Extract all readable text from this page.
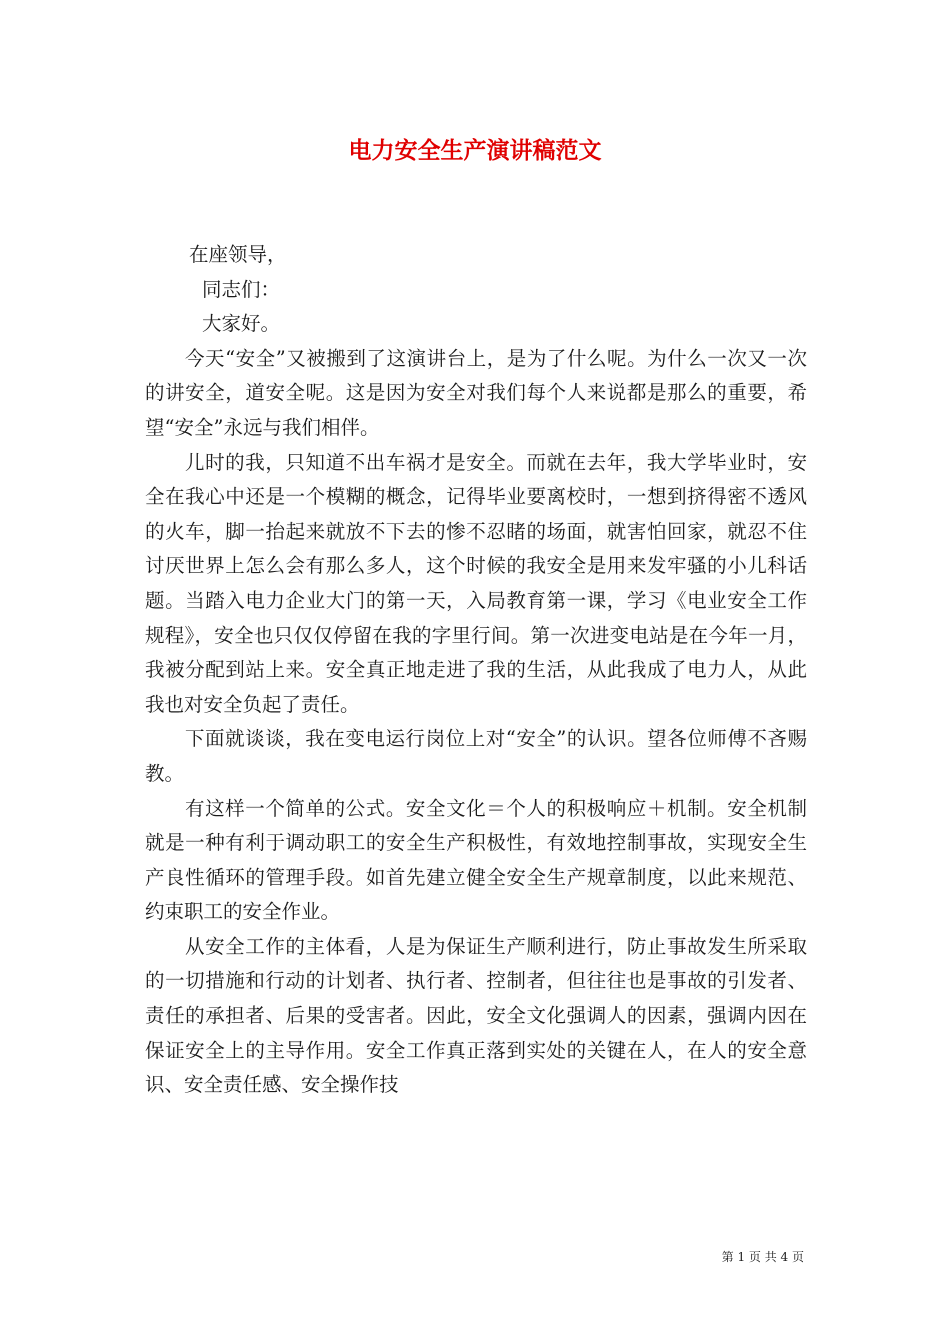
电力安全生产演讲稿范文

在座领导，

同志们：

大家好。

今天“安全”又被搬到了这演讲台上，是为了什么呢。为什么一次又一次的讲安全，道安全呢。这是因为安全对我们每个人来说都是那么的重要，希望“安全”永远与我们相伴。

儿时的我，只知道不出车祸才是安全。而就在去年，我大学毕业时，安全在我心中还是一个模糊的概念，记得毕业要离校时，一想到挤得密不透风的火车，脚一抬起来就放不下去的惨不忍睹的场面，就害怕回家，就忍不住讨厌世界上怎么会有那么多人，这个时候的我安全是用来发牢骚的小儿科话题。当踏入电力企业大门的第一天，入局教育第一课，学习《电业安全工作规程》，安全也只仅仅停留在我的字里行间。第一次进变电站是在今年一月，我被分配到站上来。安全真正地走进了我的生活，从此我成了电力人，从此我也对安全负起了责任。

下面就谈谈，我在变电运行岗位上对“安全”的认识。望各位师傅不吝赐教。

有这样一个简单的公式。安全文化＝个人的积极响应＋机制。安全机制就是一种有利于调动职工的安全生产积极性，有效地控制事故，实现安全生产良性循环的管理手段。如首先建立健全安全生产规章制度，以此来规范、约束职工的安全作业。

从安全工作的主体看，人是为保证生产顺利进行，防止事故发生所采取的一切措施和行动的计划者、执行者、控制者，但往往也是事故的引发者、责任的承担者、后果的受害者。因此，安全文化强调人的因素，强调内因在保证安全上的主导作用。安全工作真正落到实处的关键在人，在人的安全意识、安全责任感、安全操作技

第 1 页 共 4 页
